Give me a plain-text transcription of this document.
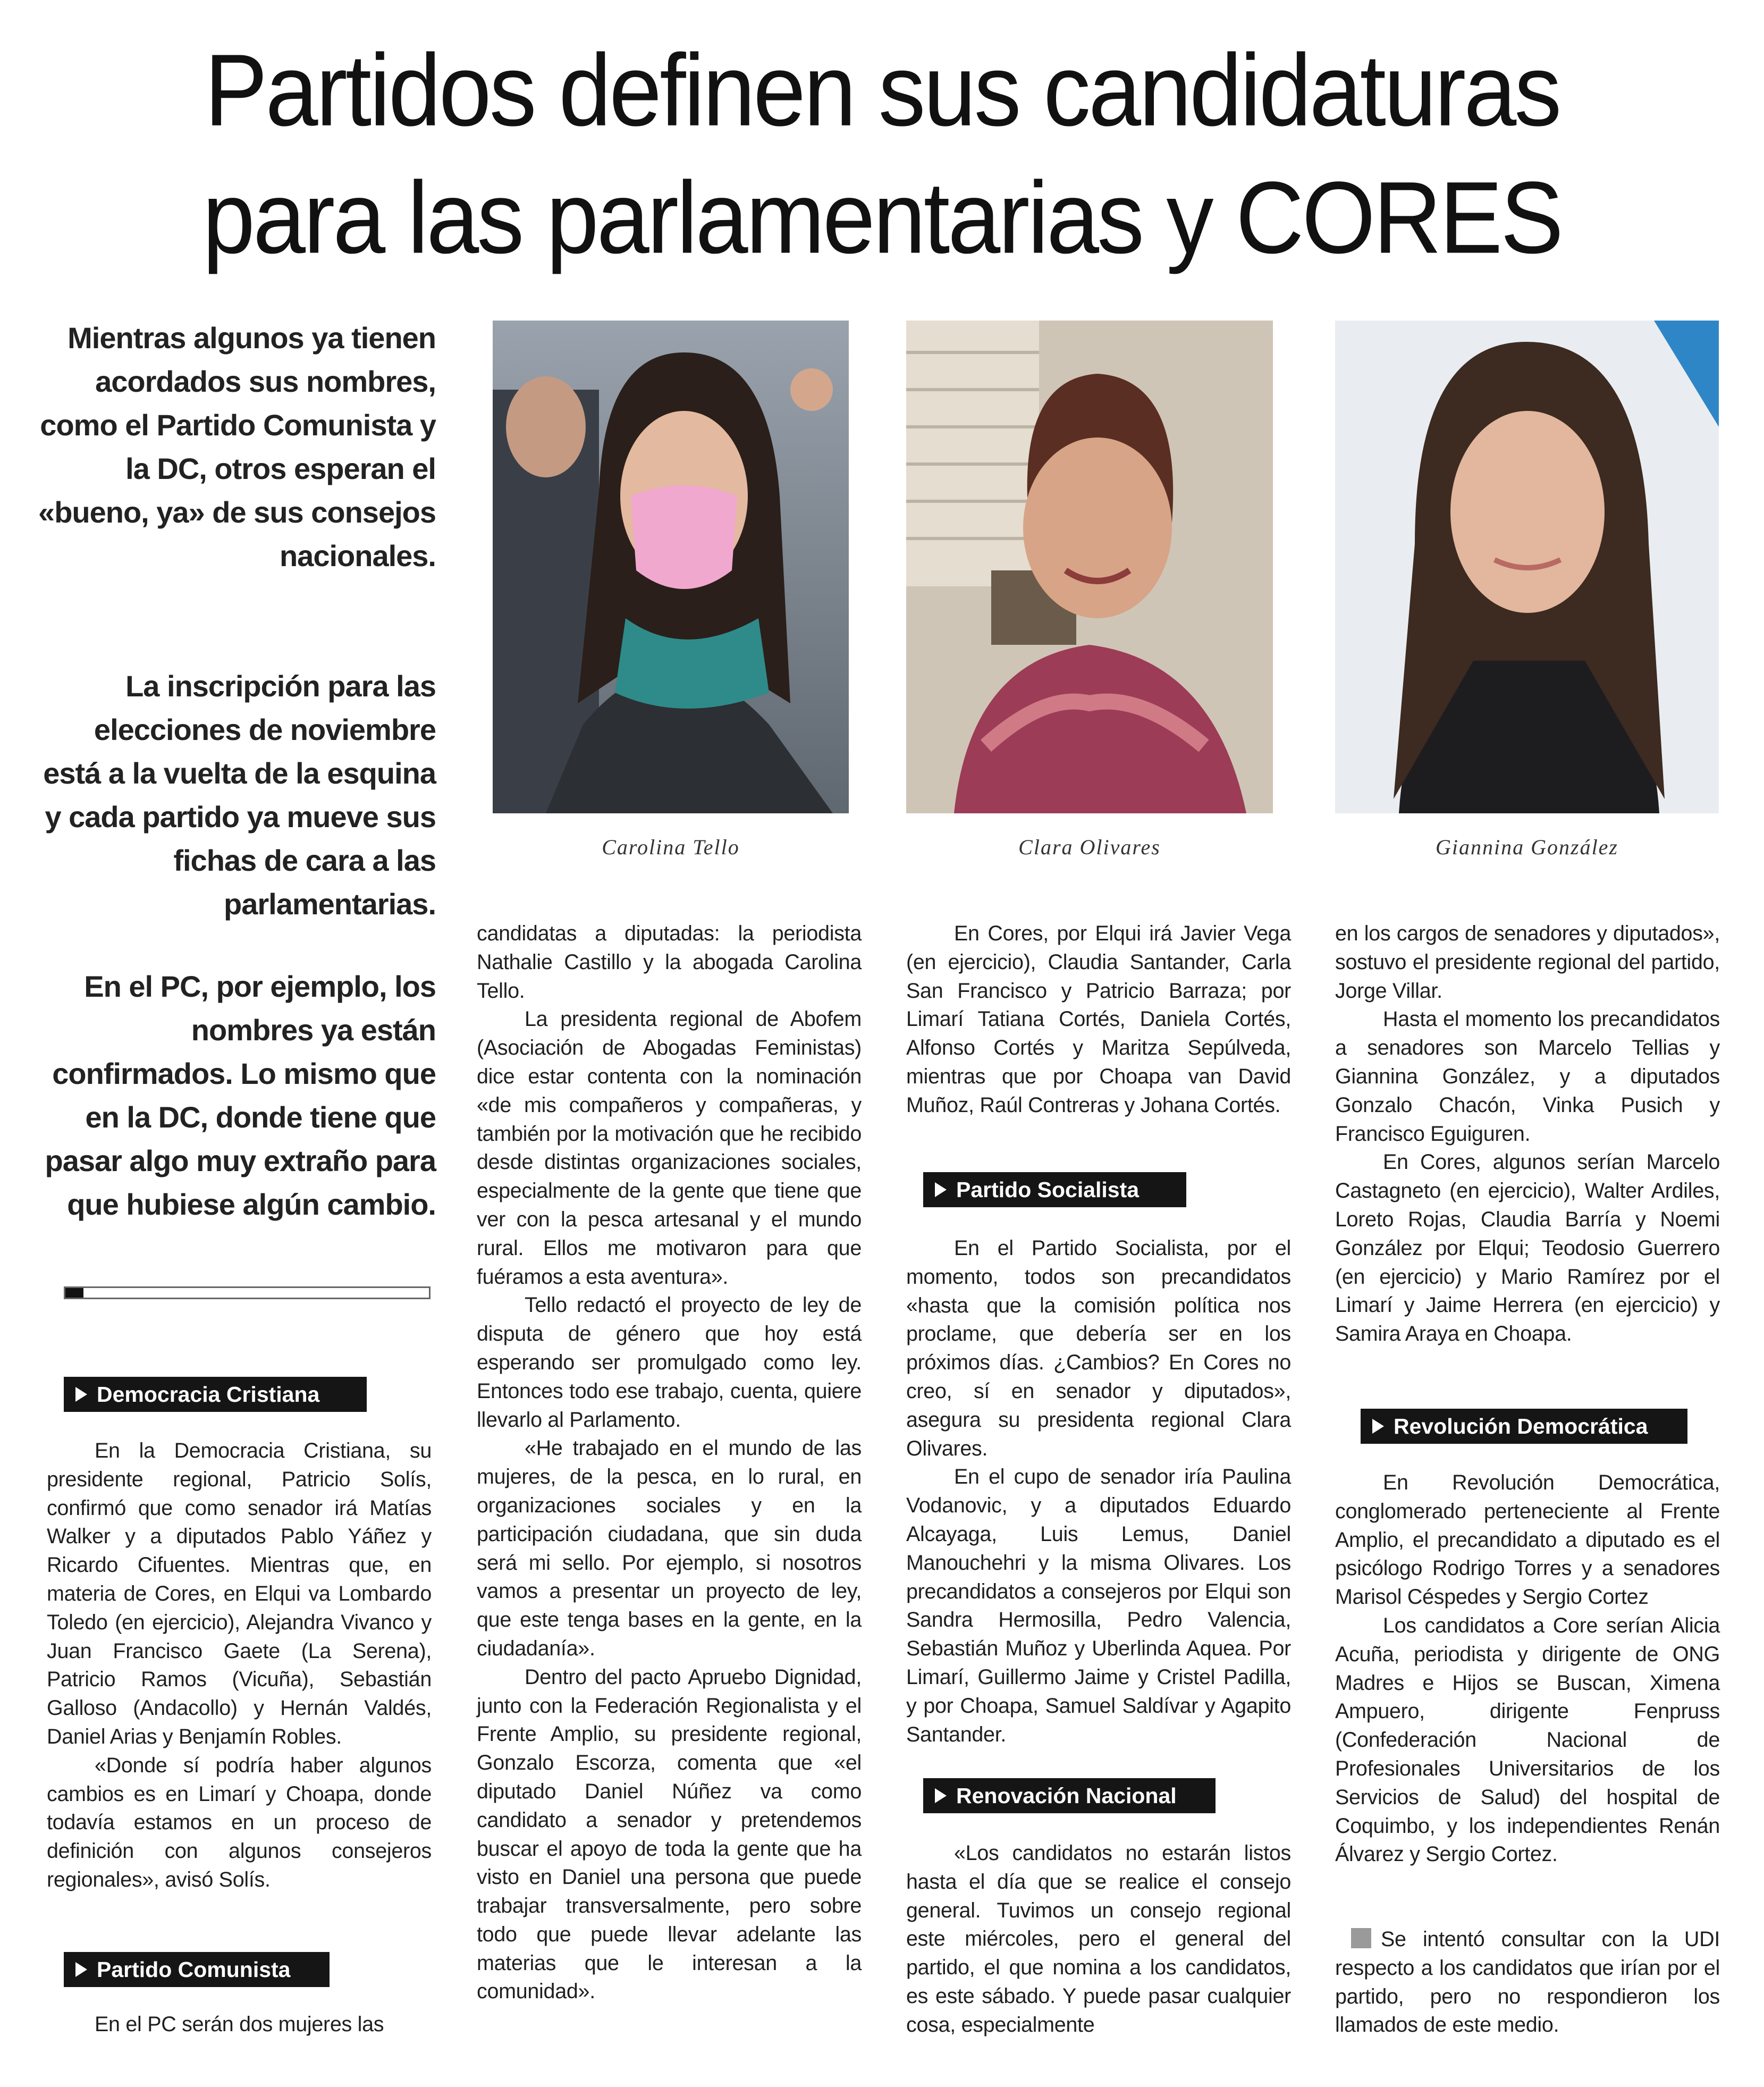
Partidos definen sus candidaturas
para las parlamentarias y CORES

Mientras algunos ya tienen acordados sus nombres, como el Partido Comunista y la DC, otros esperan el «bueno, ya» de sus consejos nacionales.

La inscripción para las elecciones de noviembre está a la vuelta de la esquina y cada partido ya mueve sus fichas de cara a las parlamentarias.

En el PC, por ejemplo, los nombres ya están confirmados. Lo mismo que en la DC, donde tiene que pasar algo muy extraño para que hubiese algún cambio.

Carolina Tello	Clara Olivares	Giannina González
Democracia Cristiana

En la Democracia Cristiana, su presidente regional, Patricio Solís, confirmó que como senador irá Matías Walker y a diputados Pablo Yáñez y Ricardo Cifuentes. Mientras que, en materia de Cores, en Elqui va Lombardo Toledo (en ejercicio), Alejandra Vivanco y Juan Francisco Gaete (La Serena), Patricio Ramos (Vicuña), Sebastián Galloso (Andacollo) y Hernán Valdés, Daniel Arias y Benjamín Robles.

«Donde sí podría haber algunos cambios es en Limarí y Choapa, donde todavía estamos en un proceso de definición con algunos consejeros regionales», avisó Solís.

Partido Comunista

En el PC serán dos mujeres las

candidatas a diputadas: la periodista Nathalie Castillo y la abogada Carolina Tello.

La presidenta regional de Abofem (Asociación de Abogadas Feministas) dice estar contenta con la nominación «de mis compañeros y compañeras, y también por la motivación que he recibido desde distintas organizaciones sociales, especialmente de la gente que tiene que ver con la pesca artesanal y el mundo rural. Ellos me motivaron para que fuéramos a esta aventura».

Tello redactó el proyecto de ley de disputa de género que hoy está esperando ser promulgado como ley. Entonces todo ese trabajo, cuenta, quiere llevarlo al Parlamento.

«He trabajado en el mundo de las mujeres, de la pesca, en lo rural, en organizaciones sociales y en la participación ciudadana, que sin duda será mi sello. Por ejemplo, si nosotros vamos a presentar un proyecto de ley, que este tenga bases en la gente, en la ciudadanía».

Dentro del pacto Apruebo Dignidad, junto con la Federación Regionalista y el Frente Amplio, su presidente regional, Gonzalo Escorza, comenta que «el diputado Daniel Núñez va como candidato a senador y pretendemos buscar el apoyo de toda la gente que ha visto en Daniel una persona que puede trabajar transversalmente, pero sobre todo que puede llevar adelante las materias que le interesan a la comunidad».

En Cores, por Elqui irá Javier Vega (en ejercicio), Claudia Santander, Carla San Francisco y Patricio Barraza; por Limarí Tatiana Cortés, Daniela Cortés, Alfonso Cortés y Maritza Sepúlveda, mientras que por Choapa van David Muñoz, Raúl Contreras y Johana Cortés.

Partido Socialista

En el Partido Socialista, por el momento, todos son precandidatos «hasta que la comisión política nos proclame, que debería ser en los próximos días. ¿Cambios? En Cores no creo, sí en senador y diputados», asegura su presidenta regional Clara Olivares.

En el cupo de senador iría Paulina Vodanovic, y a diputados Eduardo Alcayaga, Luis Lemus, Daniel Manouchehri y la misma Olivares. Los precandidatos a consejeros por Elqui son Sandra Hermosilla, Pedro Valencia, Sebastián Muñoz y Uberlinda Aquea. Por Limarí, Guillermo Jaime y Cristel Padilla, y por Choapa, Samuel Saldívar y Agapito Santander.

Renovación Nacional

«Los candidatos no estarán listos hasta el día que se realice el consejo general. Tuvimos un consejo regional este miércoles, pero el general del partido, el que nomina a los candidatos, es este sábado. Y puede pasar cualquier cosa, especialmente

en los cargos de senadores y diputados», sostuvo el presidente regional del partido, Jorge Villar.

Hasta el momento los precandidatos a senadores son Marcelo Tellias y Giannina González, y a diputados Gonzalo Chacón, Vinka Pusich y Francisco Eguiguren.

En Cores, algunos serían Marcelo Castagneto (en ejercicio), Walter Ardiles, Loreto Rojas, Claudia Barría y Noemi González por Elqui; Teodosio Guerrero (en ejercicio) y Mario Ramírez por el Limarí y Jaime Herrera (en ejercicio) y Samira Araya en Choapa.

Revolución Democrática

En Revolución Democrática, conglomerado perteneciente al Frente Amplio, el precandidato a diputado es el psicólogo Rodrigo Torres y a senadores Marisol Céspedes y Sergio Cortez

Los candidatos a Core serían Alicia Acuña, periodista y dirigente de ONG Madres e Hijos se Buscan, Ximena Ampuero, dirigente Fenpruss (Confederación Nacional de Profesionales Universitarios de los Servicios de Salud) del hospital de Coquimbo, y los independientes Renán Álvarez y Sergio Cortez.

Se intentó consultar con la UDI respecto a los candidatos que irían por el partido, pero no respondieron los llamados de este medio.
